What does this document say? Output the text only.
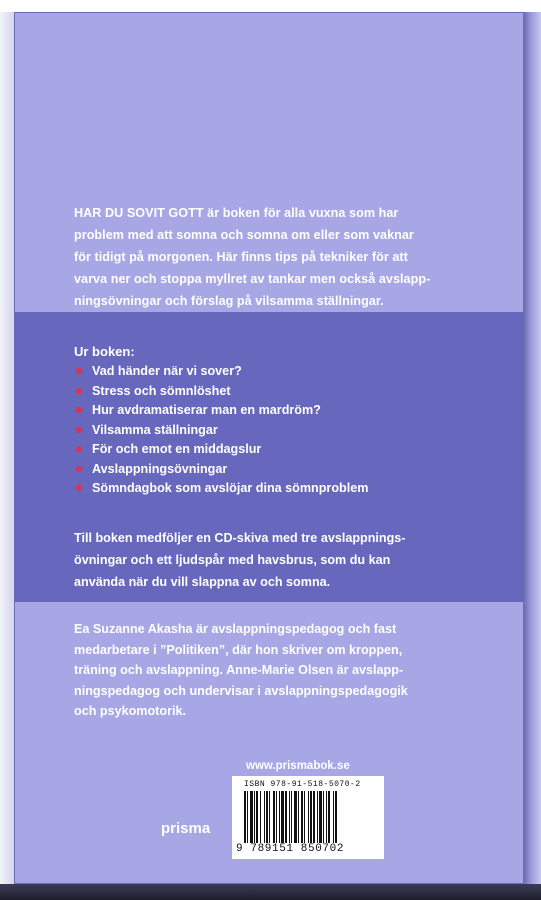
HAR DU SOVIT GOTT är boken för alla vuxna som har
problem med att somna och somna om eller som vaknar
för tidigt på morgonen. Här finns tips på tekniker för att
varva ner och stoppa myllret av tankar men också avslapp-
ningsövningar och förslag på vilsamma ställningar.
Ur boken:
Vad händer när vi sover?
Stress och sömnlöshet
Hur avdramatiserar man en mardröm?
Vilsamma ställningar
För och emot en middagslur
Avslappningsövningar
Sömndagbok som avslöjar dina sömnproblem
Till boken medföljer en CD-skiva med tre avslappnings-
övningar och ett ljudspår med havsbrus, som du kan
använda när du vill slappna av och somna.
Ea Suzanne Akasha är avslappningspedagog och fast
medarbetare i ”Politiken”, där hon skriver om kroppen,
träning och avslappning. Anne-Marie Olsen är avslapp-
ningspedagog och undervisar i avslappningspedagogik
och psykomotorik.
www.prismabok.se
ISBN 978-91-518-5070-2
9 789151 850702
prisma
